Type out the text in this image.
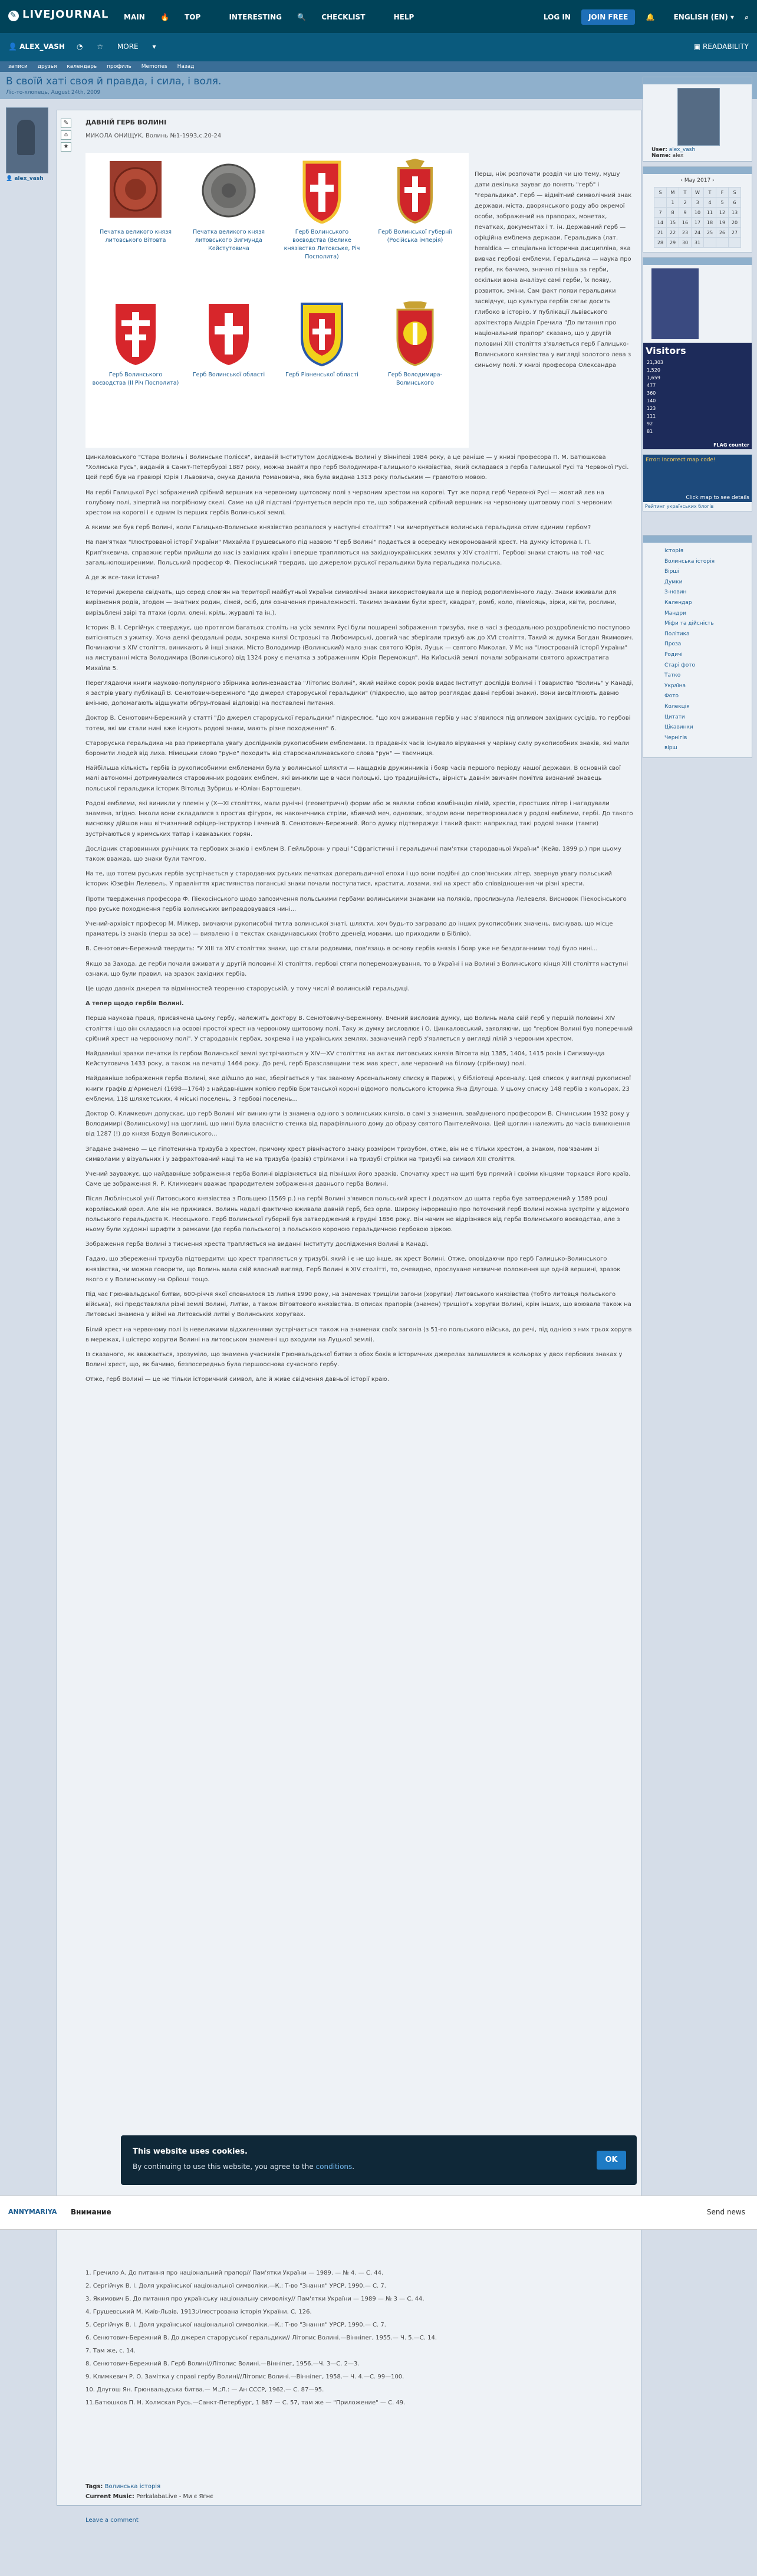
✎ LIVEJOURNAL MAIN 🔥 TOP	INTERESTING 🔍 CHECKLIST	HELP	LOG IN	JOIN FREE	🔔	ENGLISH (EN) ▾ ⌕
👤 ALEX_VASH ◔ ☆ MORE ▾	▣ READABILITY
записи друзья календарь профиль Memories Назад
В своїй хаті своя й правда, і сила, і воля.
Ліс-то-хлопець, August 24th, 2009
👤 alex_vash
✎
⌂
★
ДАВНІЙ ГЕРБ ВОЛИНІ
МИКОЛА ОНИЩУК, Волинь №1-1993,с.20-24
Печатка великого князя литовського Вітовта
Печатка великого князя литовського Зигмунда Кейстутовича
Герб Волинського воєводства (Велике князівство Литовське, Річ Посполита)
Герб Волинської губернії (Російська імперія)
Герб Волинського воєводства (II Річ Посполита)
Герб Волинської області	Герб Рівненської області	Герб Володимира-Волинського
Перш, ніж розпочати розділ чи цю тему, мушу дати декілька зауваг до понять "герб" і "геральдика". Герб — відмітний символічний знак держави, міста, дворянського роду або окремої особи, зображений на прапорах, монетах, печатках, документах і т. ін. Державний герб — офіційна емблема держави. Геральдика (лат. heraldica — спеціальна історична дисципліна, яка вивчає гербові емблеми. Геральдика — наука про герби, як бачимо, значно пізніша за герби, оскільки вона аналізує самі герби, їх появу, розвиток, зміни. Сам факт появи геральдики засвідчує, що культура гербів сягає досить глибоко в історію. У публікації львівського архітектора Андрія Гречила "До питання про національний прапор" сказано, що у другій половині XIII століття з'являється герб Галицько-Волинського князівства у вигляді золотого лева з синьому полі. У книзі професора Олександра

Цинкаловського "Стара Волинь і Волинське Полісся", виданій Інститутом досліджень Волині у Вінніпезі 1984 року, а це раніше — у книзі професора П. М. Батюшкова "Холмська Русь", виданій в Санкт-Петербурзі 1887 року, можна знайти про герб Володимира-Галицького князівства, який складався з герба Галицької Русі та Червоної Русі. Цей герб був на гравюрі Юрія І Львовича, онука Данила Романовича, яка була видана 1313 року польським — грамотою мовою.

На гербі Галицької Русі зображений срібний вершник на червоному щитовому полі з червоним хрестом на корогві. Тут же поряд герб Червоної Русі — жовтий лев на голубому полі, зіпертий на погрібному скелі. Саме на цій підставі ґрунтується версія про те, що зображений срібний вершник на червоному щитовому полі з червоним хрестом на корогві і є одним із перших гербів Волинської землі.

А якими же був герб Волині, коли Галицько-Волинське князівство розпалося у наступні століття? І чи вичерпується волинська геральдика отим єдиним гербом?

На пам'ятках "Ілюстрованої історії України" Михайла Грушевського під назвою "Герб Волині" подається в осередку некоронований хрест. На думку історика І. П. Крип'якевича, справжнє герби прийшли до нас із західних країн і впершe трапляються на західноукраїнських землях у XIV столітті. Гербові знаки стають на той час загальнопоширеними. Польський професор Ф. Піекосінський твердив, що джерелом руської геральдики була геральдика польська.

А де ж все-таки істина?

Історичні джерела свідчать, що серед слов'ян на території майбутньої України символічні знаки використовували ще в період родоплемінного ладу. Знаки вживали для вирізнення родів, згодом — знатних родин, сімей, осіб, для означення приналежності. Такими знаками були хрест, квадрат, ромб, коло, півмісяць, зірки, квіти, рослини, вирізьблені звірі та птахи (орли, олені, кріль, журавлі та ін.).

Історик В. І. Сергійчук стверджує, що протягом багатьох століть на усіх землях Русі були поширені зображення тризуба, яке в часі з феодальною роздробленістю поступово витісняться з ужитку. Хоча деякі феодальні роди, зокрема князі Острозькі та Любомирські, довгий час зберігали тризуб аж до XVI століття. Такий ж думки Богдан Якимович. Починаючи з XIV століття, виникають й інші знаки. Місто Володимир (Волинський) мало знак святого Юрія, Луцьк — святого Миколая. У Мс на "Ілюстрованій історії України" на листуванні міста Володимира (Волинського) від 1324 року є печатка з зображенням Юрія Переможця". На Київській землі почали зображати святого архистратига Михаїла 5.

Переглядаючи книги науково-популярного збірника волинезнавства "Літопис Волині", який майже сорок років видає Інститут дослідів Волині і Товариство "Волинь" у Канаді, я застрів увагу публікації В. Сенютович-Бережного "До джерел староруської геральдики" (підкреслю, що автор розглядає давні гербові знаки). Вони висвітлюють давню вмінню, допомагають відшукати обґрунтовані відповіді на поставлені питання.

Доктор В. Сенютович-Бережний у статті "До джерел староруської геральдики" підкреслює, "що хоч вживання гербів у нас з'явилося під впливом західних сусідів, то гербові тотем, які ми стали нині вже існують родові знаки, мають різне походження" 6.

Староруська геральдика на раз привертала увагу дослідників рукописобним емблемами. Із прадавніх часів існувало вірування у чарівну силу рукописобних знаків, які мали боронити людей від лиха. Німецьки слово "руне" походить від старосканлинавського слова "рун" — таємниця.

Найбільша кількість гербів із рукописобними емблемами була у волинської шляхти — нащадків дружинників і бояр часів першого періоду нашої держави. В основній свої малі автономні дотримувалися старовинних родових емблем, які виникли ще в часи полоцькі. Цю традиційність, вірність давнім звичаям помітив визнаний знавець польської геральдики історик Вітольд Зубриць и-Юліан Бартошевич.

Родові емблеми, які виникли у племін у (X—XI століттях, мали рунічні (геометричні) форми або ж являли собою комбінацію ліній, хрестів, простших літер і нагадували знамена, згідно. Інколи вони складалися з простих фігурок, як наконечника стріли, вбивчий меч, одноязик, згодом вони перетворювалися у родові емблеми, гербі. До такого висновку дійшов наш вітчизняний офіцеp-інструктор і вчений В. Сенютович-Бережний. Його думку підтверджує і такий факт: наприклад такі родові знаки (тамги) зустрічаються у кримських татар і кавказьких горян.

Дослідник старовинних рунічних та гербових знаків і емблем В. Гейльбронн у праці "Сфрагістичні і геральдичні пам'ятки стародавньої України" (Кейв, 1899 р.) при цьому також вважав, що знаки були тамгою.

На те, що тотем руських гербів зустрічається у стародавних руських печатках догеральдичної епохи і що вони подібні до слов'янських літер, звернув увагу польський історик Юзефін Лелевель. У правлінття християнства поганські знаки почали поступатися, крастити, лозами, які на хрест або співвідношення чи різні хрести.

Проти твердження професора Ф. Піекосінського щодо запозичення польськими гербами волинськими знаками на поляків, прослизнула Лелевеля. Висновок Піекосінського про руське походження гербів волинських виправдовувався нині...

Учений-архівіст професор М. Мілкер, вивчаючи рукописобні титла волинської знаті, шляхти, хоч будь-то загравало до інших рукописобних значень, виснував, що місце праматерь із знаків (перш за все) — виявлено і в текстах скандинавських (тобто дренеїд мовами, що приходили в Біблію).

В. Сенютович-Бережний твердить: "У XIII та XIV століттях знаки, що стали родовими, пов'язаць в основу гербів князів і бояр уже не бездоганними тоді було нині...

Якщо за Захода, де герби почали вживати у другій половині XI століття, гербові стяги поперемовжування, то в Україні і на Волині з Волинського кінця XIII століття наступні ознаки, що були правил, на зразок західних гербів.

Це щодо давніх джерел та відмінностей теоренню староруській, у тому числі й волинській геральдиці.

А тепер щодо гербів Волині.

Перша наукова праця, присвячена цьому гербу, належить доктору В. Сенютовичу-Бережному. Вчений висловив думку, що Волинь мала свій герб у першій половині XIV століття і що він складався на освові простої хрест на червоному щитовому полі. Таку ж думку висловлює і О. Цинкаловський, заявляючи, що "гербом Волині був поперечний срібний хрест на червоному полі". У стародавніх гербах, зокрема і на українських землях, зазначений герб з'являється у вигляді лілій з червоним хрестом.

Найдавніші зразки печатки із гербом Волинської землі зустрічаються у XIV—XV століттях на актах литовських князів Вітовта від 1385, 1404, 1415 років і Сигизмунда Кейстутовича 1433 року, а також на печатці 1464 року. До речі, герб Бразславщини теж мав хрест, але червоний на білому (срібному) полі.

Найдавніше зображення герба Волині, яке дійшло до нас, зберігається у так званому Арсенальному списку в Парижі, у бібліотеці Арсеналу. Цей список у вигляді рукописної книги графів д'Арменелі (1698—1764) з найдавнішим копією гербів Британської короні відомого польського історика Яна Длугоша. У цьому списку 148 гербів з кольорах. 23 емблеми, 118 шляхетських, 4 міські поселень, 3 гербові поселень...

Доктор О. Климкевич допускає, що герб Волині міг виникнути із знамена одного з волинських князів, в самі з знамення, звайдненого професором В. Січинським 1932 року у Володимирі (Волинському) на щоглині, що нині була власністю стенка від парафіяльного дому до образу святого Пантелеймона. Цей щоглин належить до часів виникнення від 1287 (!) до князя Бодуя Волинського...

Згадане знамено — це гіпотенична тризуба з хрестом, причому хрест рівнічастого знаку розміром тризубом, отже, він не є тільки хрестом, а знаком, пов'язаним зі символами у візуальних і у зафрахтований наці та не на тризуба (разів) стрілками і на тризубі стрілки на тризубі на символ XIII століття.

Учений зауважує, що найдавніше зображення герба Волині відрізняється від пізніших його зразків. Спочатку хрест на щиті був прямий і своїми кінцями торкався його країв. Саме це зображення Я. Р. Климкевич вважає прародителем зображення давнього герба Волині.

Після Люблінської унії Литовського князівства з Польщею (1569 р.) на гербі Волині з'явився польський хрест і додатком до щита герба був затверджений у 1589 році королівський орел. Але він не прижився. Волинь надалі фактично вживала давній герб, без орла. Широку інформацію про поточений герб Волині можна зустріти у відомого польського геральдиста К. Несецького. Герб Волинської губернії був затверджений в грудні 1856 року. Він начим не відрізнявся від герба Волинського воєводства, але з ньому були художні шрифти з рамками (до герба польського) з польською короною геральдичною гербовою зіркою.

Зображення герба Волині з тиснення хреста трапляється на виданні Інституту дослідження Волині в Канаді.

Гадаю, що збереженні тризуба підтвердити: що хрест трапляється у тризубі, який і є не що інше, як хрест Волині. Отже, оповідаючи про герб Галицько-Волинського князівства, чи можна говорити, що Волинь мала свій власний вигляд. Герб Волині в XIV столітті, то, очевидно, прослухане незвичне положення ще одній вершині, зразок якого є у Волинському на Оріїоші тощо.

Під час Грюнвальдської битви, 600-річчя якої сповнилося 15 липня 1990 року, на знаменах трищіли загони (хоругви) Литовського князівства (тобто литовця польського війська), які представляли різні землі Волині, Литви, а також Вітовтового князівства. В описах прапорів (знамен) трищіють хоругви Волині, крім інших, що воювала також на Литовські знамена у війні на Литовській литві у Волинських хоругвах.

Білий хрест на червоному полі із невеликими відхиленнями зустрічається також на знаменах своїх загонів (з 51-го польського війська, до речі, під однією з них трьох хоругв в мережах, і шістеро хоругви Волині на литовськом знаменні що входили на Луцької землі).

Із сказаного, як вважається, зрозуміло, що знамена учасників Грюнвальдської битви з обох боків в історичних джерелах залишилися в кольорах у двох гербових знаках у Волині хрест, що, як бачимо, безпосередньо була першооснова сучасного гербу.

Отже, герб Волині — це не тільки історичний символ, але й живе свідчення давньої історії краю.

1. Гречило А. До питання про національний прапор// Пам'ятки України — 1989. — № 4. — С. 44.
2. Сергійчук В. І. Доля української національної символіки.—К.: Т-во "Знання" УРСР, 1990.— С. 7.
3. Якимович Б. До питання про українську національну символіку// Пам'ятки України — 1989 — № 3 — С. 44.
4. Грушевський М. Київ-Львів, 1913;/Ілюстрована історія України. С. 126.
5. Сергійчук В. І. Доля української національної символіки.—К.: Т-во "Знання" УРСР, 1990.— С. 7.
6. Сенютович-Бережний В. До джерел староруської геральдики// Літопис Волині.—Вінніпег, 1955.— Ч. 5.—С. 14.
7. Там же, с. 14.
8. Сенютович-Бережний В. Герб Волині//Літопис Волині.—Вінніпег, 1956.—Ч. 3—С. 2—3.
9. Климкевич Р. О. Замітки у справі гербу Волині//Літопис Волині.—Вінніпег, 1958.— Ч. 4.—С. 99—100.
10. Длугош Ян. Грюнвальдська битва.— М.;Л.: — Ан СССР, 1962.— С. 87—95.
11.Батюшков П. Н. Холмская Русь.—Санкт-Петербург, 1 887 — С. 57, там же — "Приложение" — С. 49.
Tags: Волинська історія
Current Music: PerkalabaLive - Ми є Ягнє
Leave a comment
User: alex_vash
Name: alex
‹ May 2017 ›
S	M	T	W	T	F	S
	1	2	3	4	5	6
7	8	9	10	11	12	13
14	15	16	17	18	19	20
21	22	23	24	25	26	27
28	29	30	31			
Visitors
21,303
1,520
1,659
477
360
140
123
111
92
81
FLAG counter
Error: Incorrect map code!
Click map to see details
Рейтинг українських блогів
Історія
Волинська історія
Вірші
Думки
З-новин
Календар
Мандри
Міфи та дійсність
Політика
Проза
Родичі
Старі фото
Татко
Україна
Фото
Колекція
Цитати
Цікавинки
Чернігів
вірш
This website uses cookies.
By continuing to use this website, you agree to the conditions.
OK
ANNYMARIYA Внимание	Send news
